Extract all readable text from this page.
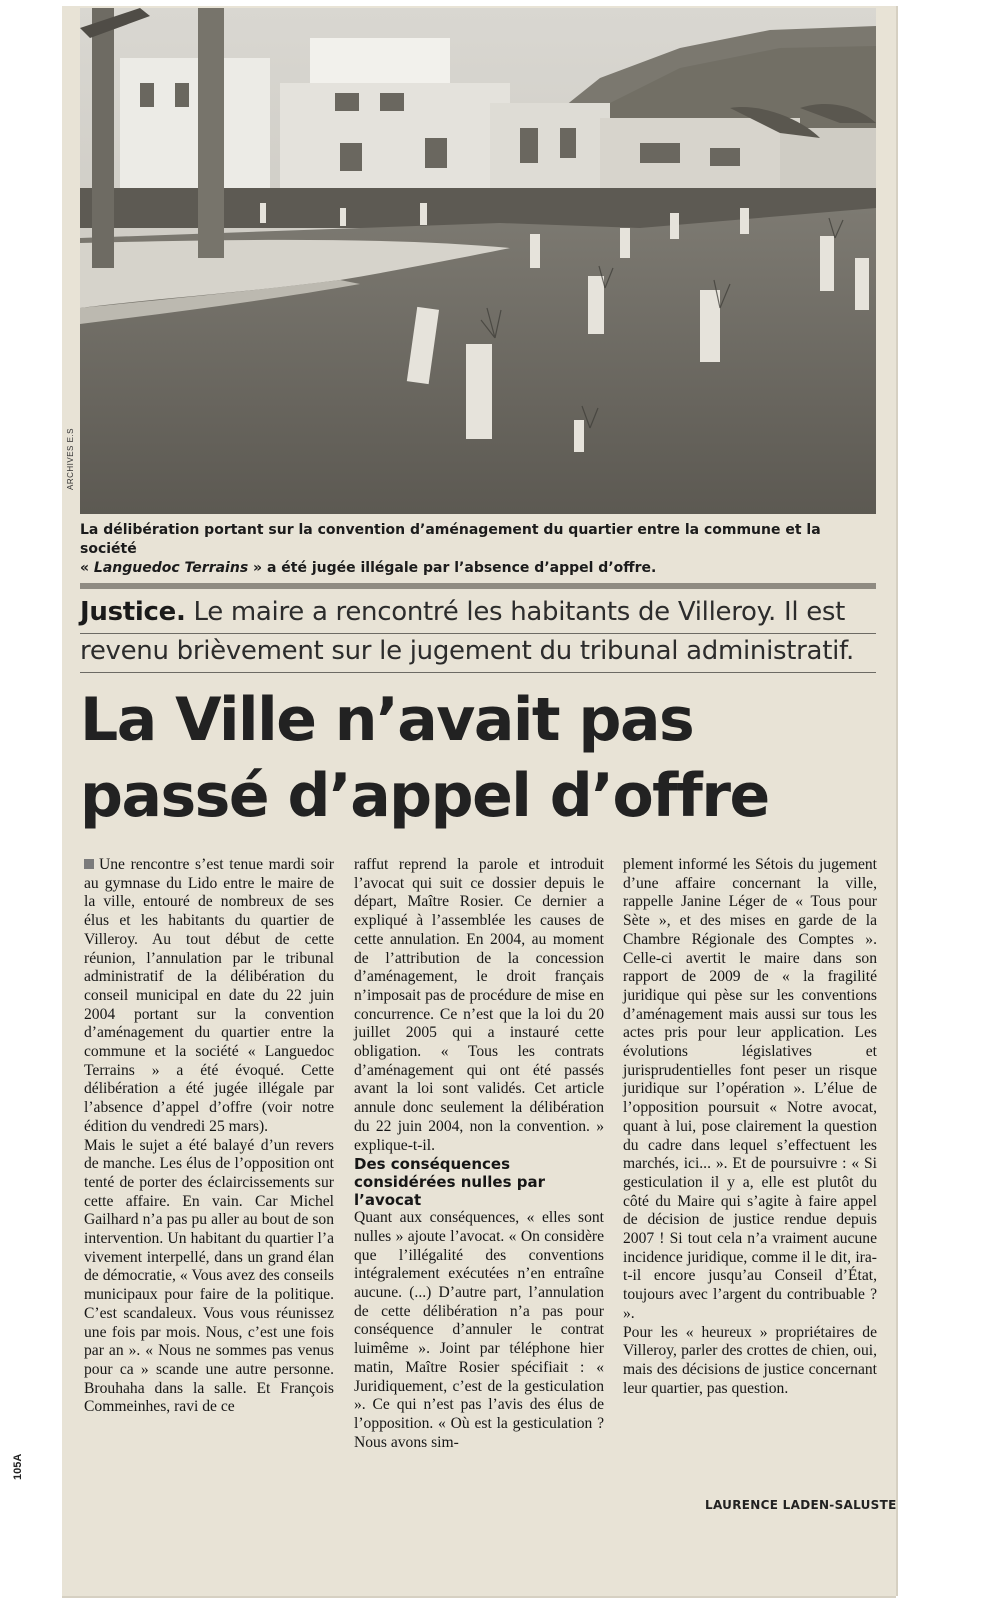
ARCHIVES E.S
La délibération portant sur la convention d’aménagement du quartier entre la commune et la société
« Languedoc Terrains » a été jugée illégale par l’absence d’appel d’offre.
Justice. Le maire a rencontré les habitants de Villeroy. Il est revenu brièvement sur le jugement du tribunal administratif.
La Ville n’avait pas
passé d’appel d’offre

Une rencontre s’est tenue mardi soir au gymnase du Lido entre le maire de la ville, entouré de nombreux de ses élus et les habitants du quartier de Villeroy. Au tout début de cette réunion, l’annulation par le tribunal administratif de la délibération du conseil municipal en date du 22 juin 2004 portant sur la convention d’aménagement du quartier entre la commune et la société « Languedoc Terrains » a été évoqué. Cette délibération a été jugée illégale par l’absence d’appel d’offre (voir notre édition du vendredi 25 mars).

Mais le sujet a été balayé d’un revers de manche. Les élus de l’opposition ont tenté de porter des éclaircissements sur cette affaire. En vain. Car Michel Gailhard n’a pas pu aller au bout de son intervention. Un habitant du quartier l’a vivement interpellé, dans un grand élan de démocratie, « Vous avez des conseils municipaux pour faire de la politique. C’est scandaleux. Vous vous réunissez une fois par mois. Nous, c’est une fois par an ». « Nous ne sommes pas venus pour ca » scande une autre personne. Brouhaha dans la salle. Et François Commeinhes, ravi de ce

raffut reprend la parole et introduit l’avocat qui suit ce dossier depuis le départ, Maître Rosier. Ce dernier a expliqué à l’assemblée les causes de cette annulation. En 2004, au moment de l’attribution de la concession d’aménagement, le droit français n’imposait pas de procédure de mise en concurrence. Ce n’est que la loi du 20 juillet 2005 qui a instauré cette obligation. « Tous les contrats d’aménagement qui ont été passés avant la loi sont validés. Cet article annule donc seulement la délibération du 22 juin 2004, non la convention. » explique-t-il.

Des conséquences considérées nulles par l’avocat

Quant aux conséquences, « elles sont nulles » ajoute l’avocat. « On considère que l’illégalité des conventions intégralement exécutées n’en entraîne aucune. (...) D’autre part, l’annulation de cette délibération n’a pas pour conséquence d’annuler le contrat luimême ». Joint par téléphone hier matin, Maître Rosier spécifiait : « Juridiquement, c’est de la gesticulation ». Ce qui n’est pas l’avis des élus de l’opposition. « Où est la gesticulation ? Nous avons sim-

plement informé les Sétois du jugement d’une affaire concernant la ville, rappelle Janine Léger de « Tous pour Sète », et des mises en garde de la Chambre Régionale des Comptes ». Celle-ci avertit le maire dans son rapport de 2009 de « la fragilité juridique qui pèse sur les conventions d’aménagement mais aussi sur tous les actes pris pour leur application. Les évolutions législatives et jurisprudentielles font peser un risque juridique sur l’opération ». L’élue de l’opposition poursuit « Notre avocat, quant à lui, pose clairement la question du cadre dans lequel s’effectuent les marchés, ici... ». Et de poursuivre : « Si gesticulation il y a, elle est plutôt du côté du Maire qui s’agite à faire appel de décision de justice rendue depuis 2007 ! Si tout cela n’a vraiment aucune incidence juridique, comme il le dit, ira-t-il encore jusqu’au Conseil d’État, toujours avec l’argent du contribuable ? ».

Pour les « heureux » propriétaires de Villeroy, parler des crottes de chien, oui, mais des décisions de justice concernant leur quartier, pas question.

LAURENCE LADEN-SALUSTE
105A
